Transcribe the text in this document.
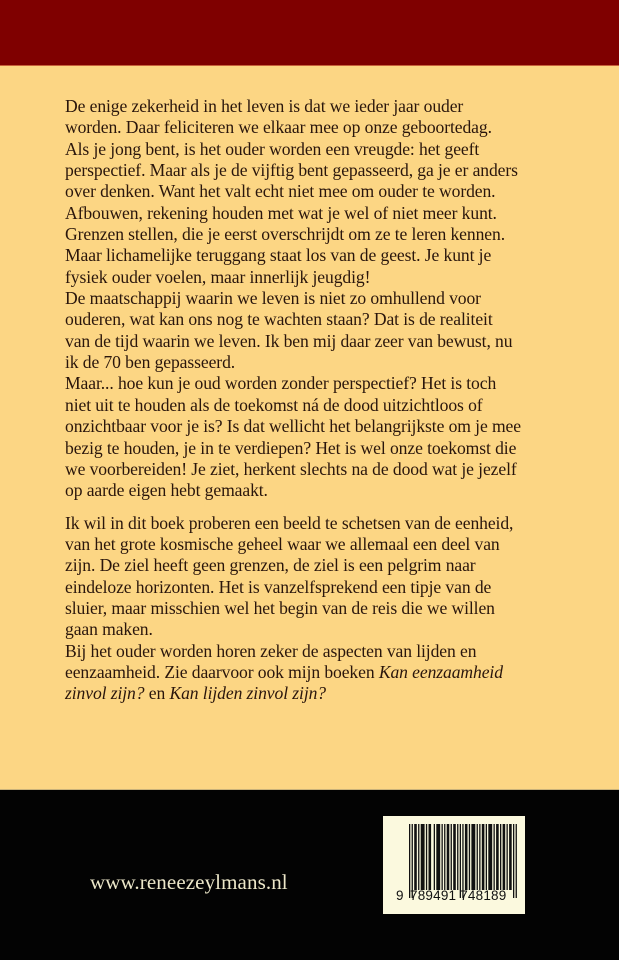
De enige zekerheid in het leven is dat we ieder jaar ouder
worden. Daar feliciteren we elkaar mee op onze geboortedag.
Als je jong bent, is het ouder worden een vreugde: het geeft
perspectief. Maar als je de vijftig bent gepasseerd, ga je er anders
over denken. Want het valt echt niet mee om ouder te worden.
Afbouwen, rekening houden met wat je wel of niet meer kunt.
Grenzen stellen, die je eerst overschrijdt om ze te leren kennen.
Maar lichamelijke teruggang staat los van de geest. Je kunt je
fysiek ouder voelen, maar innerlijk jeugdig!
De maatschappij waarin we leven is niet zo omhullend voor
ouderen, wat kan ons nog te wachten staan? Dat is de realiteit
van de tijd waarin we leven. Ik ben mij daar zeer van bewust, nu
ik de 70 ben gepasseerd.
Maar... hoe kun je oud worden zonder perspectief? Het is toch
niet uit te houden als de toekomst ná de dood uitzichtloos of
onzichtbaar voor je is? Is dat wellicht het belangrijkste om je mee
bezig te houden, je in te verdiepen? Het is wel onze toekomst die
we voorbereiden! Je ziet, herkent slechts na de dood wat je jezelf
op aarde eigen hebt gemaakt.
Ik wil in dit boek proberen een beeld te schetsen van de eenheid,
van het grote kosmische geheel waar we allemaal een deel van
zijn. De ziel heeft geen grenzen, de ziel is een pelgrim naar
eindeloze horizonten. Het is vanzelfsprekend een tipje van de
sluier, maar misschien wel het begin van de reis die we willen
gaan maken.
Bij het ouder worden horen zeker de aspecten van lijden en
eenzaamheid. Zie daarvoor ook mijn boeken Kan eenzaamheid
zinvol zijn? en Kan lijden zinvol zijn?
www.reneezeylmans.nl
9 789491 748189
